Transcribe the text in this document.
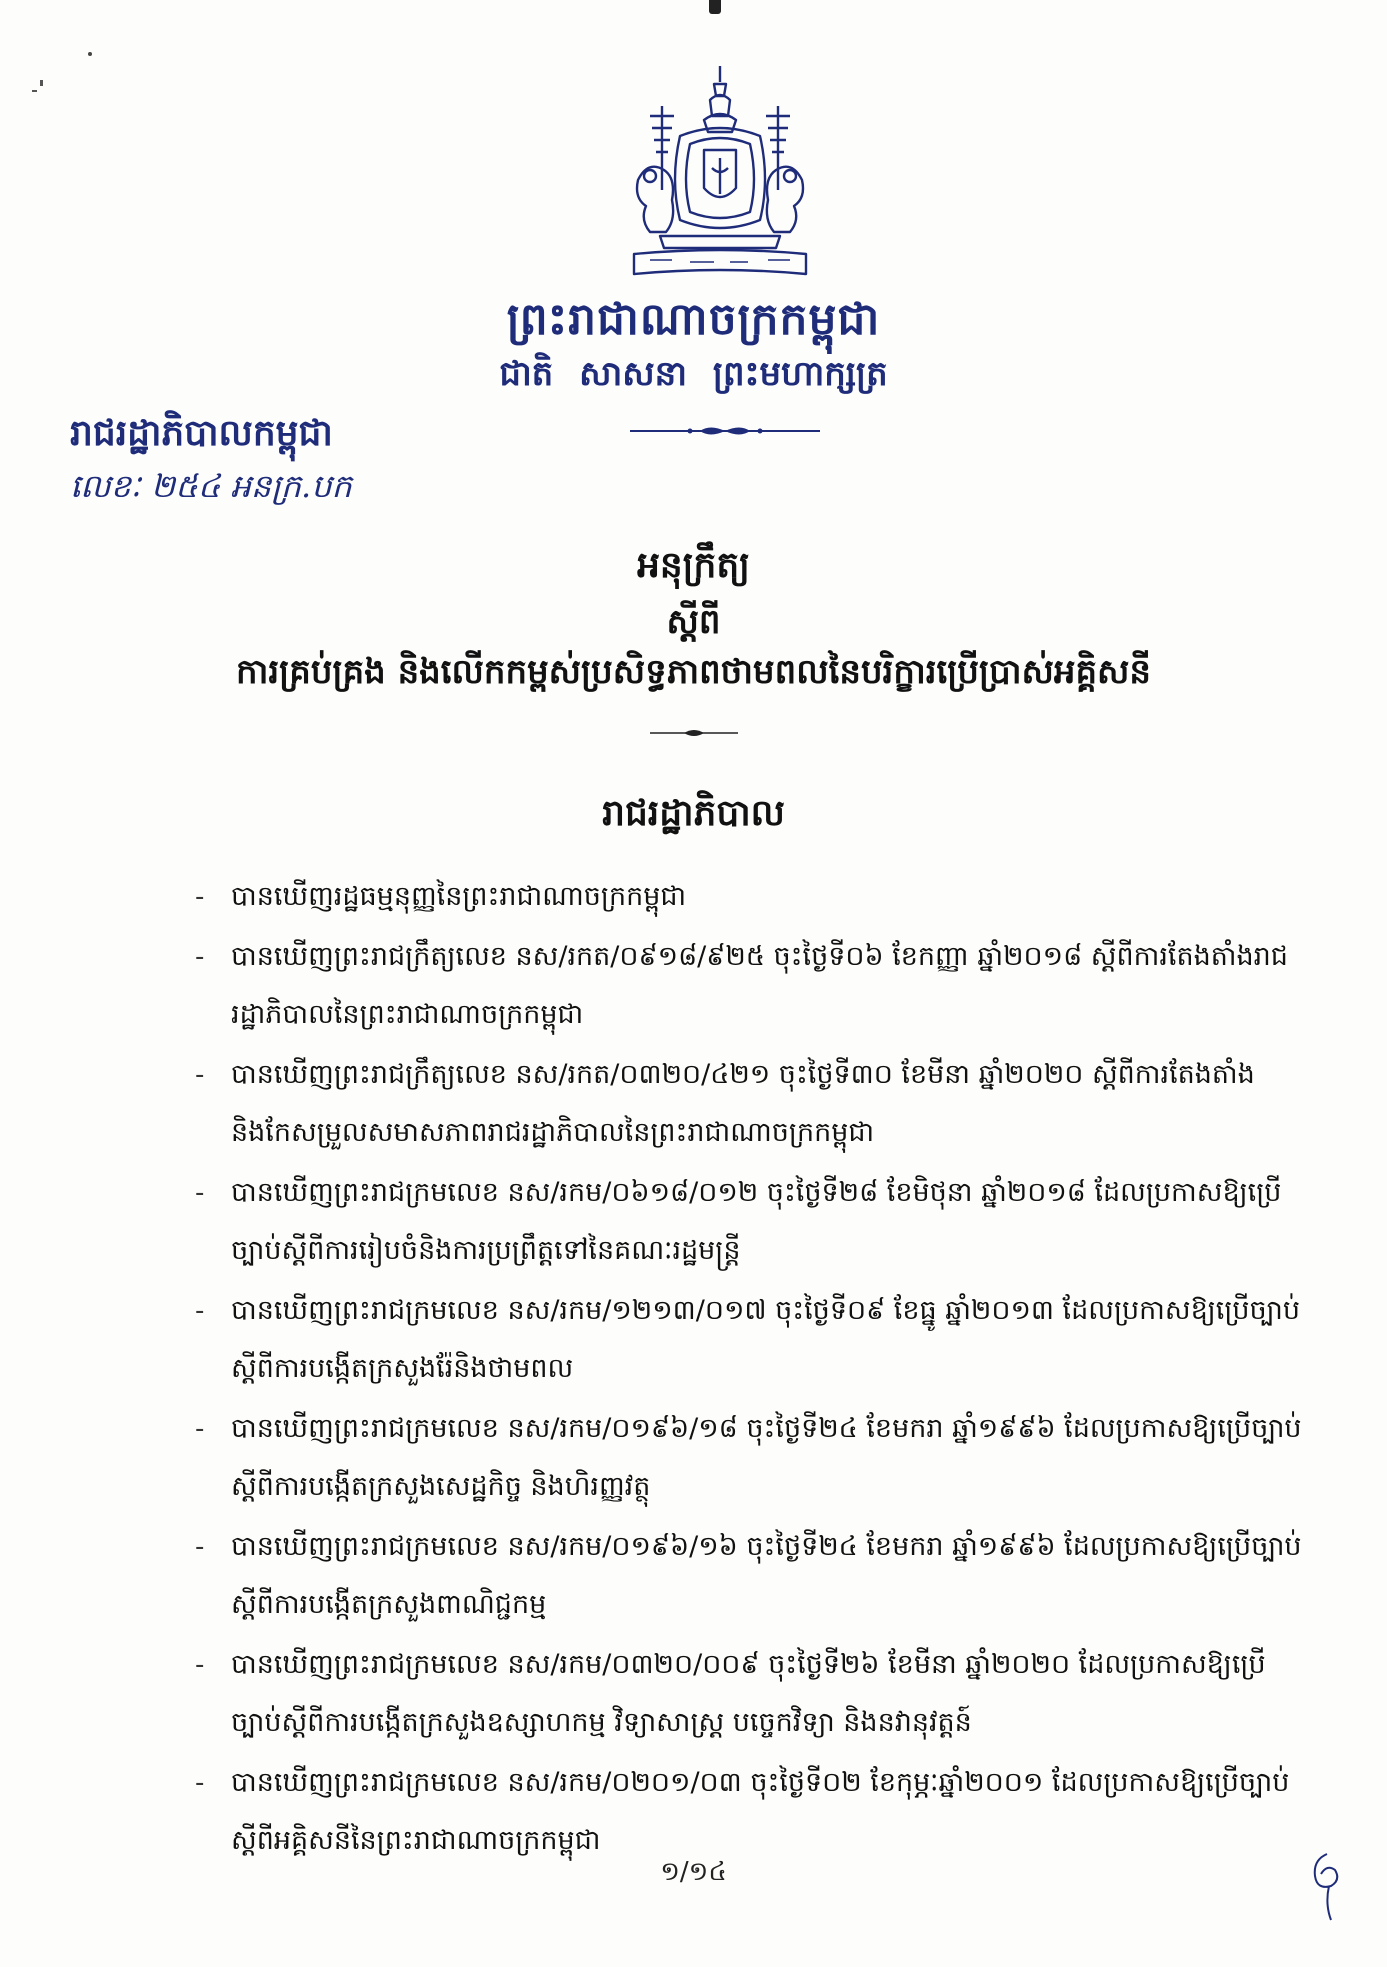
ព្រះរាជាណាចក្រកម្ពុជា
ជាតិ សាសនា ព្រះមហាក្សត្រ
រាជរដ្ឋាភិបាលកម្ពុជា
លេខៈ ២៥៤ អនក្រ.បក
អនុក្រឹត្យ
ស្ដីពី
ការគ្រប់គ្រង និងលើកកម្ពស់ប្រសិទ្ធភាពថាមពលនៃបរិក្ខារប្រើប្រាស់អគ្គិសនី
រាជរដ្ឋាភិបាល
- បានឃើញរដ្ឋធម្មនុញ្ញនៃព្រះរាជាណាចក្រកម្ពុជា
- បានឃើញព្រះរាជក្រឹត្យលេខ នស/រកត/០៩១៨/៩២៥ ចុះថ្ងៃទី០៦ ខែកញ្ញា ឆ្នាំ២០១៨ ស្ដីពីការតែងតាំងរាជរដ្ឋាភិបាលនៃព្រះរាជាណាចក្រកម្ពុជា
- បានឃើញព្រះរាជក្រឹត្យលេខ នស/រកត/០៣២០/៤២១ ចុះថ្ងៃទី៣០ ខែមីនា ឆ្នាំ២០២០ ស្ដីពីការតែងតាំងនិងកែសម្រួលសមាសភាពរាជរដ្ឋាភិបាលនៃព្រះរាជាណាចក្រកម្ពុជា
- បានឃើញព្រះរាជក្រមលេខ នស/រកម/០៦១៨/០១២ ចុះថ្ងៃទី២៨ ខែមិថុនា ឆ្នាំ២០១៨ ដែលប្រកាសឱ្យប្រើច្បាប់ស្ដីពីការរៀបចំនិងការប្រព្រឹត្តទៅនៃគណៈរដ្ឋមន្ត្រី
- បានឃើញព្រះរាជក្រមលេខ នស/រកម/១២១៣/០១៧ ចុះថ្ងៃទី០៩ ខែធ្នូ ឆ្នាំ២០១៣ ដែលប្រកាសឱ្យប្រើច្បាប់ស្ដីពីការបង្កើតក្រសួងរ៉ែនិងថាមពល
- បានឃើញព្រះរាជក្រមលេខ នស/រកម/០១៩៦/១៨ ចុះថ្ងៃទី២៤ ខែមករា ឆ្នាំ១៩៩៦ ដែលប្រកាសឱ្យប្រើច្បាប់ស្ដីពីការបង្កើតក្រសួងសេដ្ឋកិច្ច និងហិរញ្ញវត្ថុ
- បានឃើញព្រះរាជក្រមលេខ នស/រកម/០១៩៦/១៦ ចុះថ្ងៃទី២៤ ខែមករា ឆ្នាំ១៩៩៦ ដែលប្រកាសឱ្យប្រើច្បាប់ស្ដីពីការបង្កើតក្រសួងពាណិជ្ជកម្ម
- បានឃើញព្រះរាជក្រមលេខ នស/រកម/០៣២០/០០៩ ចុះថ្ងៃទី២៦ ខែមីនា ឆ្នាំ២០២០ ដែលប្រកាសឱ្យប្រើច្បាប់ស្ដីពីការបង្កើតក្រសួងឧស្សាហកម្ម វិទ្យាសាស្ត្រ បច្ចេកវិទ្យា និងនវានុវត្តន៍
- បានឃើញព្រះរាជក្រមលេខ នស/រកម/០២០១/០៣ ចុះថ្ងៃទី០២ ខែកុម្ភៈឆ្នាំ២០០១ ដែលប្រកាសឱ្យប្រើច្បាប់ស្ដីពីអគ្គិសនីនៃព្រះរាជាណាចក្រកម្ពុជា
១/១៤
